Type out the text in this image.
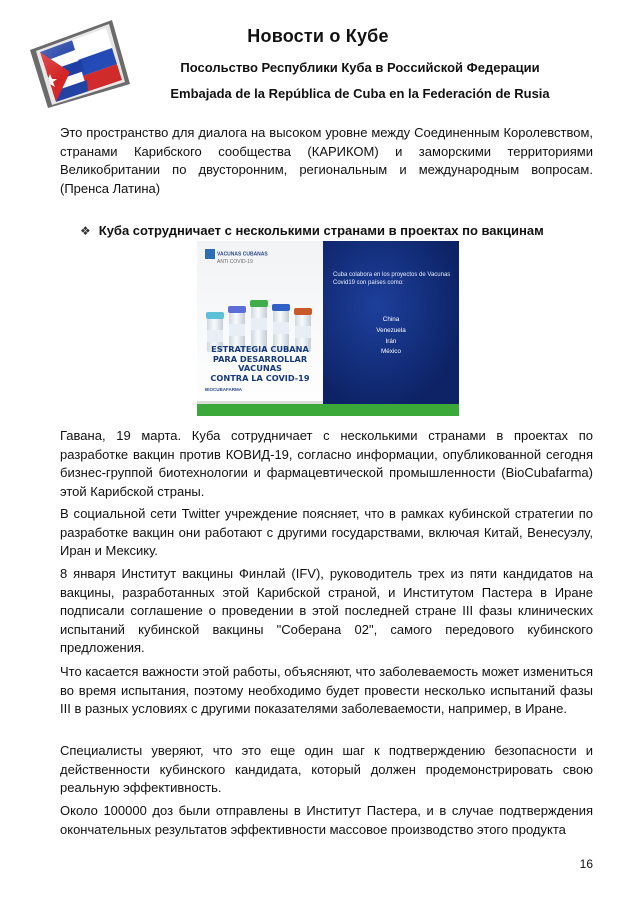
Новости о Кубе
Посольство Республики Куба в Российской Федерации
Embajada de la República de Cuba en la Federación de Rusia

Это пространство для диалога на высоком уровне между Соединенным Королевством, странами Карибского сообщества (КАРИКОМ) и заморскими территориями Великобритании по двусторонним, региональным и международным вопросам. (Пренса Латина)

❖ Куба сотрудничает с несколькими странами в проектах по вакцинам
VACUNAS CUBANAS
ANTI COVID-19
ESTRATEGIA CUBANA
PARA DESARROLLAR VACUNAS
CONTRA LA COVID-19
BIOCUBAFARMA
Cuba colabora en los proyectos de Vacunas Covid19 con países como:
China
Venezuela
Irán
México

Гавана, 19 марта. Куба сотрудничает с несколькими странами в проектах по разработке вакцин против КОВИД-19, согласно информации, опубликованной сегодня бизнес-группой биотехнологии и фармацевтической промышленности (BioCubafarma) этой Карибской страны.

В социальной сети Twitter учреждение поясняет, что в рамках кубинской стратегии по разработке вакцин они работают с другими государствами, включая Китай, Венесуэлу, Иран и Мексику.

8 января Институт вакцины Финлай (IFV), руководитель трех из пяти кандидатов на вакцины, разработанных этой Карибской страной, и Институтом Пастера в Иране подписали соглашение о проведении в этой последней стране III фазы клинических испытаний кубинской вакцины "Соберана 02", самого передового кубинского предложения.

Что касается важности этой работы, объясняют, что заболеваемость может измениться во время испытания, поэтому необходимо будет провести несколько испытаний фазы III в разных условиях с другими показателями заболеваемости, например, в Иране.

Специалисты уверяют, что это еще один шаг к подтверждению безопасности и действенности кубинского кандидата, который должен продемонстрировать свою реальную эффективность.

Около 100000 доз были отправлены в Институт Пастера, и в случае подтверждения окончательных результатов эффективности массовое производство этого продукта

16
